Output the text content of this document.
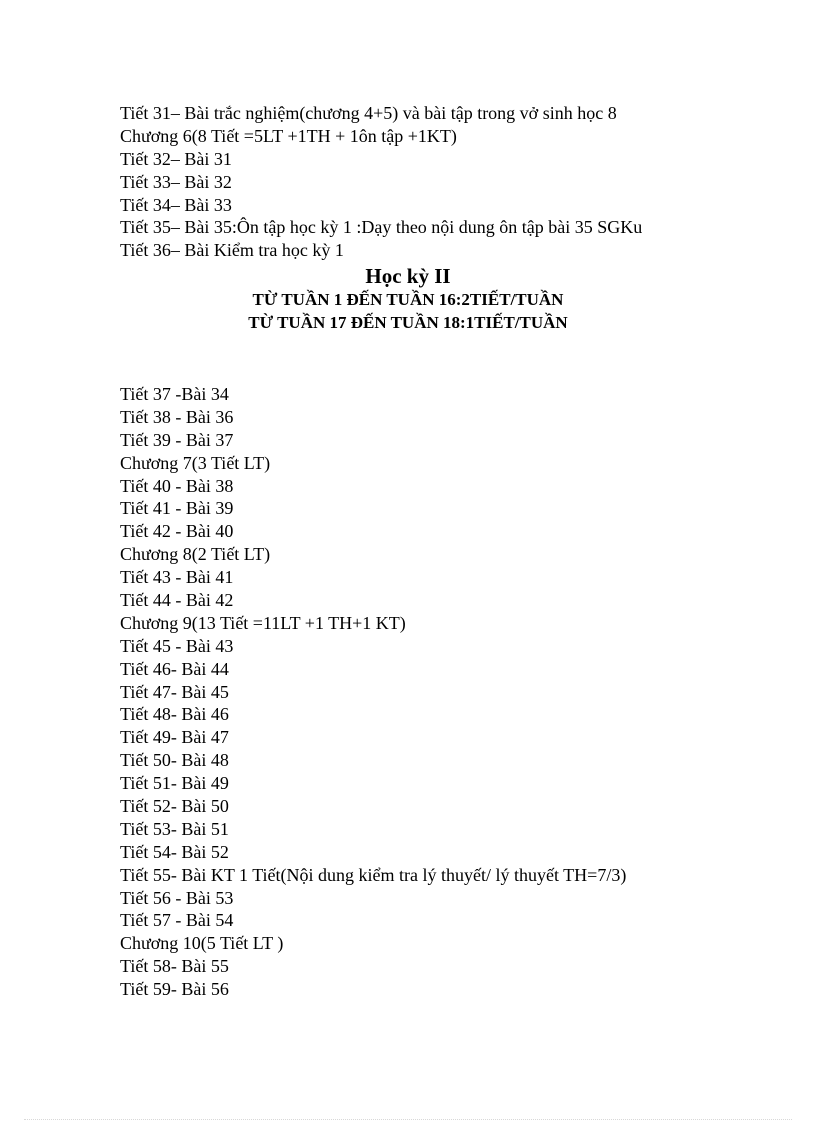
Tiết 31– Bài trắc nghiệm(chương 4+5) và bài tập trong vở sinh học 8
Chương 6(8 Tiết =5LT +1TH + 1ôn tập +1KT)
Tiết 32– Bài 31
Tiết 33– Bài 32
Tiết 34– Bài 33
Tiết 35– Bài 35:Ôn tập học kỳ 1 :Dạy theo nội dung ôn tập bài 35 SGKu
Tiết 36– Bài Kiểm tra học kỳ 1
Học kỳ II
TỪ TUẦN 1 ĐẾN TUẦN 16:2TIẾT/TUẦN
TỪ TUẦN 17 ĐẾN TUẦN 18:1TIẾT/TUẦN
Tiết 37 -Bài 34
Tiết 38 - Bài 36
Tiết 39 - Bài 37
Chương 7(3 Tiết LT)
Tiết 40 - Bài 38
Tiết 41 - Bài 39
Tiết 42 - Bài 40
Chương 8(2 Tiết LT)
Tiết 43 - Bài 41
Tiết 44 - Bài 42
Chương 9(13 Tiết =11LT +1 TH+1 KT)
Tiết 45 - Bài 43
Tiết 46- Bài 44
Tiết 47- Bài 45
Tiết 48- Bài 46
Tiết 49- Bài 47
Tiết 50- Bài 48
Tiết 51- Bài 49
Tiết 52- Bài 50
Tiết 53- Bài 51
Tiết 54- Bài 52
Tiết 55- Bài KT 1 Tiết(Nội dung kiểm tra lý thuyết/ lý thuyết TH=7/3)
Tiết 56 - Bài 53
Tiết 57 - Bài 54
Chương 10(5 Tiết LT )
Tiết 58- Bài 55
Tiết 59- Bài 56
